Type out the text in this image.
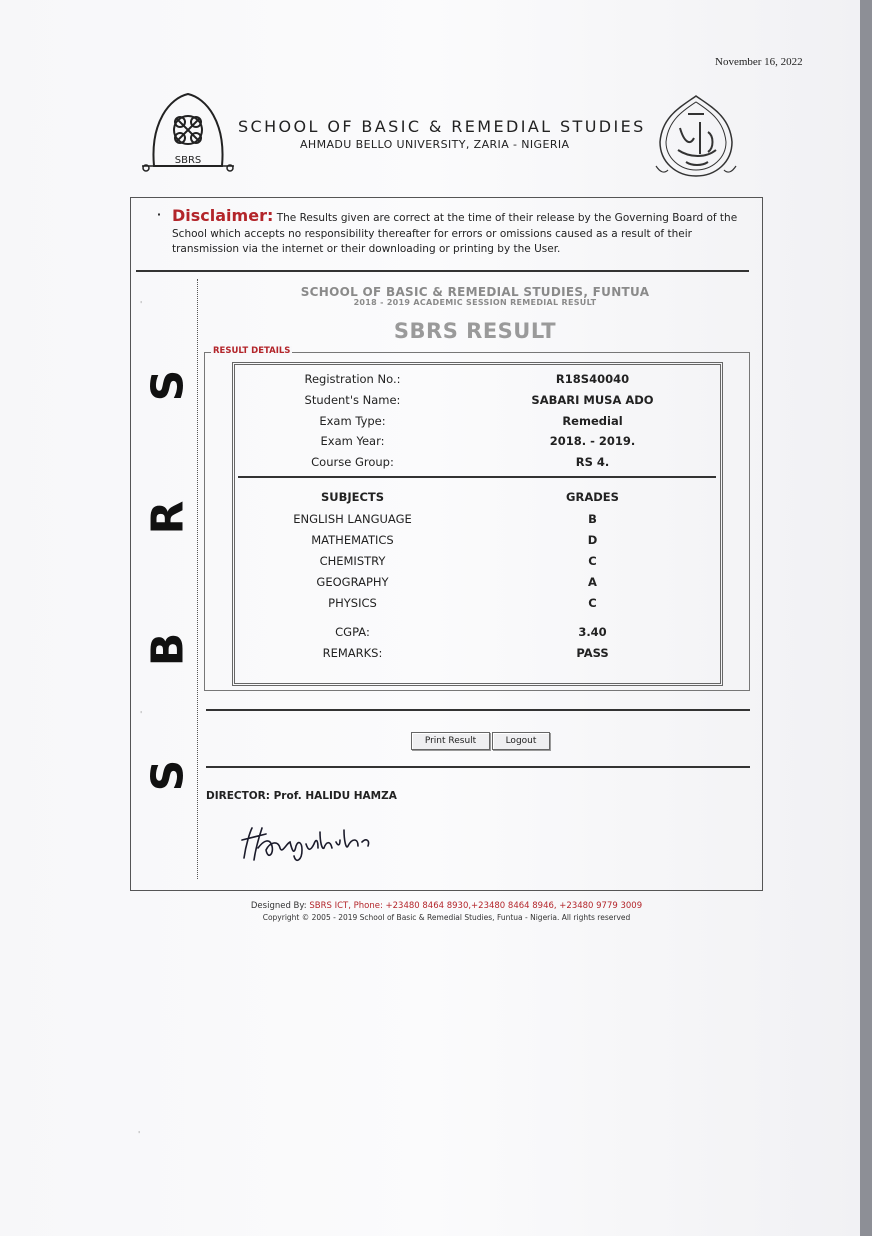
November 16, 2022
SBRS
SCHOOL OF BASIC & REMEDIAL STUDIES
AHMADU BELLO UNIVERSITY, ZARIA - NIGERIA
· Disclaimer: The Results given are correct at the time of their release by the Governing Board of the School which accepts no responsibility thereafter for errors or omissions caused as a result of their transmission via the internet or their downloading or printing by the User.

S
R
B
S
SCHOOL OF BASIC & REMEDIAL STUDIES, FUNTUA
2018 - 2019 ACADEMIC SESSION REMEDIAL RESULT
SBRS RESULT
RESULT DETAILS
Registration No.:	R18S40040
Student's Name:	SABARI MUSA ADO
Exam Type:	Remedial
Exam Year:	2018. - 2019.
Course Group:	RS 4.
SUBJECTS	GRADES
ENGLISH LANGUAGE	B
MATHEMATICS	D
CHEMISTRY	C
GEOGRAPHY	A
PHYSICS	C
CGPA:	3.40
REMARKS:	PASS
Print Result	Logout
DIRECTOR: Prof. HALIDU HAMZA
Designed By: SBRS ICT, Phone: +23480 8464 8930,+23480 8464 8946, +23480 9779 3009
Copyright © 2005 - 2019 School of Basic & Remedial Studies, Funtua - Nigeria. All rights reserved
'
'
'
